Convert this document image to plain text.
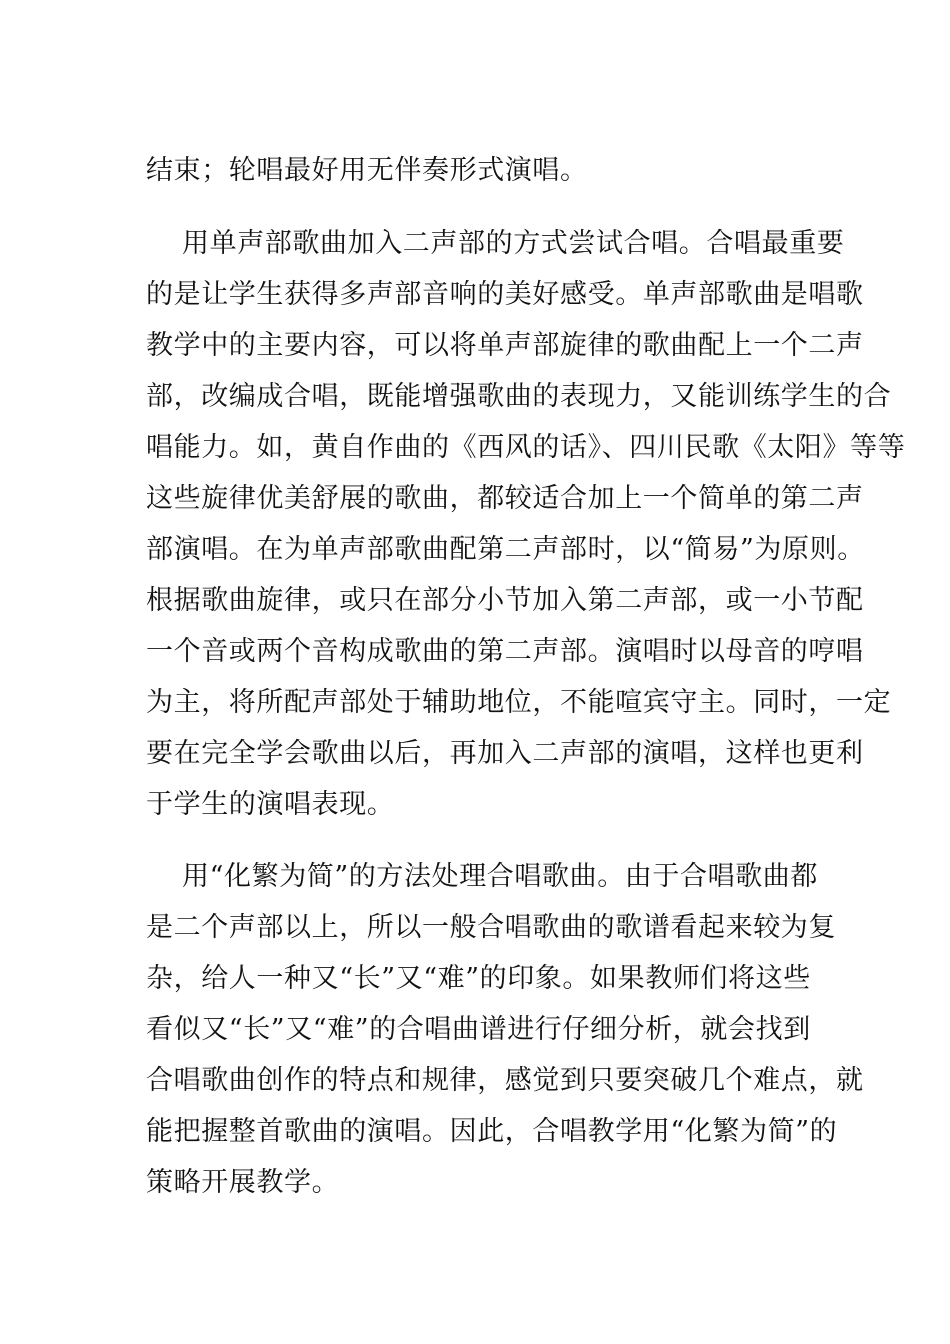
结束；轮唱最好用无伴奏形式演唱。
用单声部歌曲加入二声部的方式尝试合唱。合唱最重要
的是让学生获得多声部音响的美好感受。单声部歌曲是唱歌
教学中的主要内容，可以将单声部旋律的歌曲配上一个二声
部，改编成合唱，既能增强歌曲的表现力，又能训练学生的合
唱能力。如，黄自作曲的《西风的话》、四川民歌《太阳》等等
这些旋律优美舒展的歌曲，都较适合加上一个简单的第二声
部演唱。在为单声部歌曲配第二声部时，以“简易”为原则。
根据歌曲旋律，或只在部分小节加入第二声部，或一小节配
一个音或两个音构成歌曲的第二声部。演唱时以母音的哼唱
为主，将所配声部处于辅助地位，不能喧宾守主。同时，一定
要在完全学会歌曲以后，再加入二声部的演唱，这样也更利
于学生的演唱表现。
用“化繁为简”的方法处理合唱歌曲。由于合唱歌曲都
是二个声部以上，所以一般合唱歌曲的歌谱看起来较为复
杂，给人一种又“长”又“难”的印象。如果教师们将这些
看似又“长”又“难”的合唱曲谱进行仔细分析，就会找到
合唱歌曲创作的特点和规律，感觉到只要突破几个难点，就
能把握整首歌曲的演唱。因此，合唱教学用“化繁为简”的
策略开展教学。
